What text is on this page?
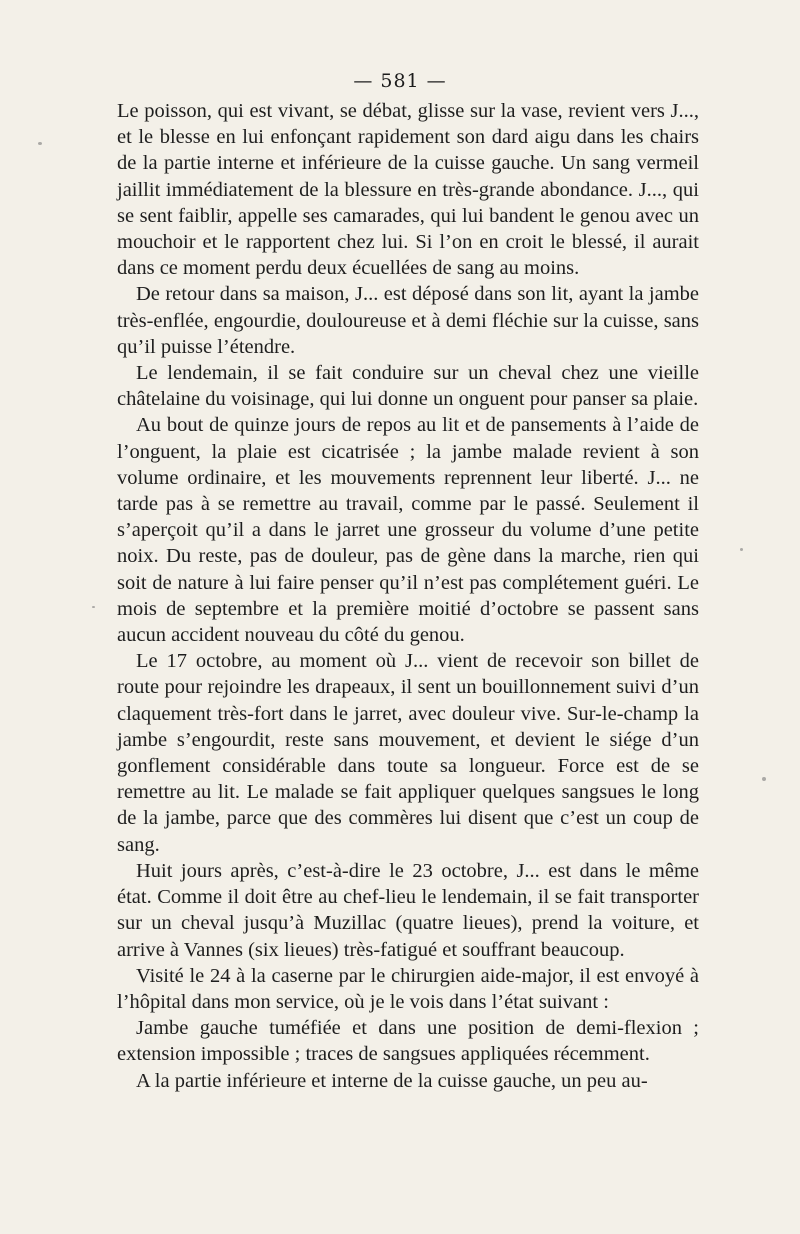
— 581 —

Le poisson, qui est vivant, se débat, glisse sur la vase, revient vers J..., et le blesse en lui enfonçant rapidement son dard aigu dans les chairs de la partie interne et inférieure de la cuisse gauche. Un sang vermeil jaillit immédiatement de la blessure en très-grande abondance. J..., qui se sent faiblir, appelle ses camarades, qui lui bandent le genou avec un mouchoir et le rapportent chez lui. Si l’on en croit le blessé, il aurait dans ce moment perdu deux écuellées de sang au moins.

De retour dans sa maison, J... est déposé dans son lit, ayant la jambe très-enflée, engourdie, douloureuse et à demi fléchie sur la cuisse, sans qu’il puisse l’étendre.

Le lendemain, il se fait conduire sur un cheval chez une vieille châtelaine du voisinage, qui lui donne un onguent pour panser sa plaie.

Au bout de quinze jours de repos au lit et de pansements à l’aide de l’onguent, la plaie est cicatrisée ; la jambe malade revient à son volume ordinaire, et les mouvements reprennent leur liberté. J... ne tarde pas à se remettre au travail, comme par le passé. Seulement il s’aperçoit qu’il a dans le jarret une grosseur du volume d’une petite noix. Du reste, pas de douleur, pas de gène dans la marche, rien qui soit de nature à lui faire penser qu’il n’est pas complétement guéri. Le mois de septembre et la première moitié d’octobre se passent sans aucun accident nouveau du côté du genou.

Le 17 octobre, au moment où J... vient de recevoir son billet de route pour rejoindre les drapeaux, il sent un bouillonnement suivi d’un claquement très-fort dans le jarret, avec douleur vive. Sur-le-champ la jambe s’engourdit, reste sans mouvement, et devient le siége d’un gonflement considérable dans toute sa longueur. Force est de se remettre au lit. Le malade se fait appliquer quelques sangsues le long de la jambe, parce que des commères lui disent que c’est un coup de sang.

Huit jours après, c’est-à-dire le 23 octobre, J... est dans le même état. Comme il doit être au chef-lieu le lendemain, il se fait transporter sur un cheval jusqu’à Muzillac (quatre lieues), prend la voiture, et arrive à Vannes (six lieues) très-fatigué et souffrant beaucoup.

Visité le 24 à la caserne par le chirurgien aide-major, il est envoyé à l’hôpital dans mon service, où je le vois dans l’état suivant :

Jambe gauche tuméfiée et dans une position de demi-flexion ; extension impossible ; traces de sangsues appliquées récemment.

A la partie inférieure et interne de la cuisse gauche, un peu au-
